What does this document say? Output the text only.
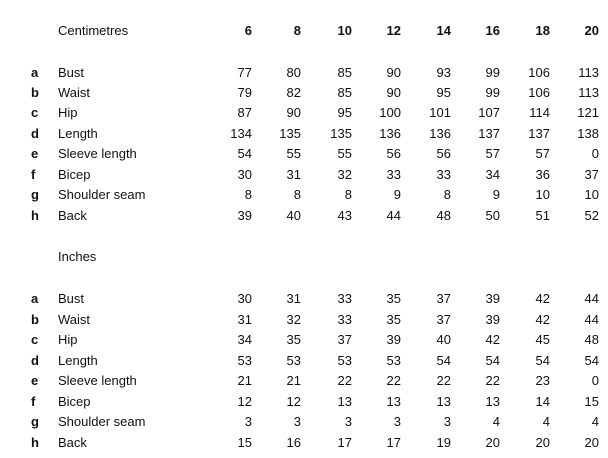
Centimetres	6	8	10	12	14	16	18	20
a Bust	77	80	85	90	93	99	106	113
b Waist	79	82	85	90	95	99	106	113
c Hip	87	90	95	100	101	107	114	121
d Length	134	135	135	136	136	137	137	138
e Sleeve length	54	55	55	56	56	57	57	0
f Bicep	30	31	32	33	33	34	36	37
g Shoulder seam	8	8	8	9	8	9	10	10
h Back	39	40	43	44	48	50	51	52
Inches
a Bust	30	31	33	35	37	39	42	44
b Waist	31	32	33	35	37	39	42	44
c Hip	34	35	37	39	40	42	45	48
d Length	53	53	53	53	54	54	54	54
e Sleeve length	21	21	22	22	22	22	23	0
f Bicep	12	12	13	13	13	13	14	15
g Shoulder seam	3	3	3	3	3	4	4	4
h Back	15	16	17	17	19	20	20	20
